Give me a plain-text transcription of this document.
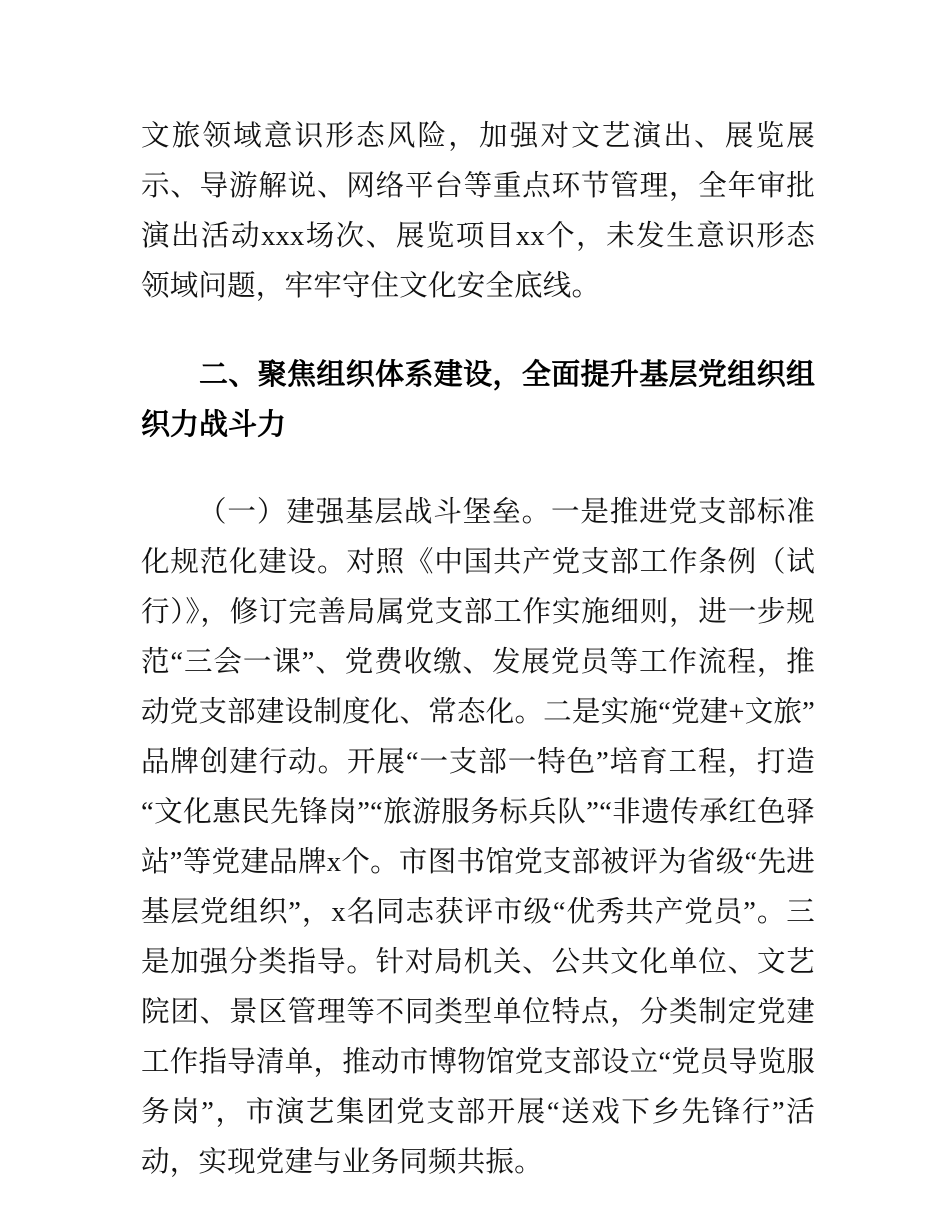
文旅领域意识形态风险，加强对文艺演出、展览展示、导游解说、网络平台等重点环节管理，全年审批演出活动xxx场次、展览项目xx个，未发生意识形态领域问题，牢牢守住文化安全底线。

二、聚焦组织体系建设，全面提升基层党组织组织力战斗力

（一）建强基层战斗堡垒。一是推进党支部标准化规范化建设。对照《中国共产党支部工作条例（试行）》，修订完善局属党支部工作实施细则，进一步规范“三会一课”、党费收缴、发展党员等工作流程，推动党支部建设制度化、常态化。二是实施“党建+文旅”品牌创建行动。开展“一支部一特色”培育工程，打造“文化惠民先锋岗”“旅游服务标兵队”“非遗传承红色驿站”等党建品牌x个。市图书馆党支部被评为省级“先进基层党组织”，x名同志获评市级“优秀共产党员”。三是加强分类指导。针对局机关、公共文化单位、文艺院团、景区管理等不同类型单位特点，分类制定党建工作指导清单，推动市博物馆党支部设立“党员导览服务岗”，市演艺集团党支部开展“送戏下乡先锋行”活动，实现党建与业务同频共振。
